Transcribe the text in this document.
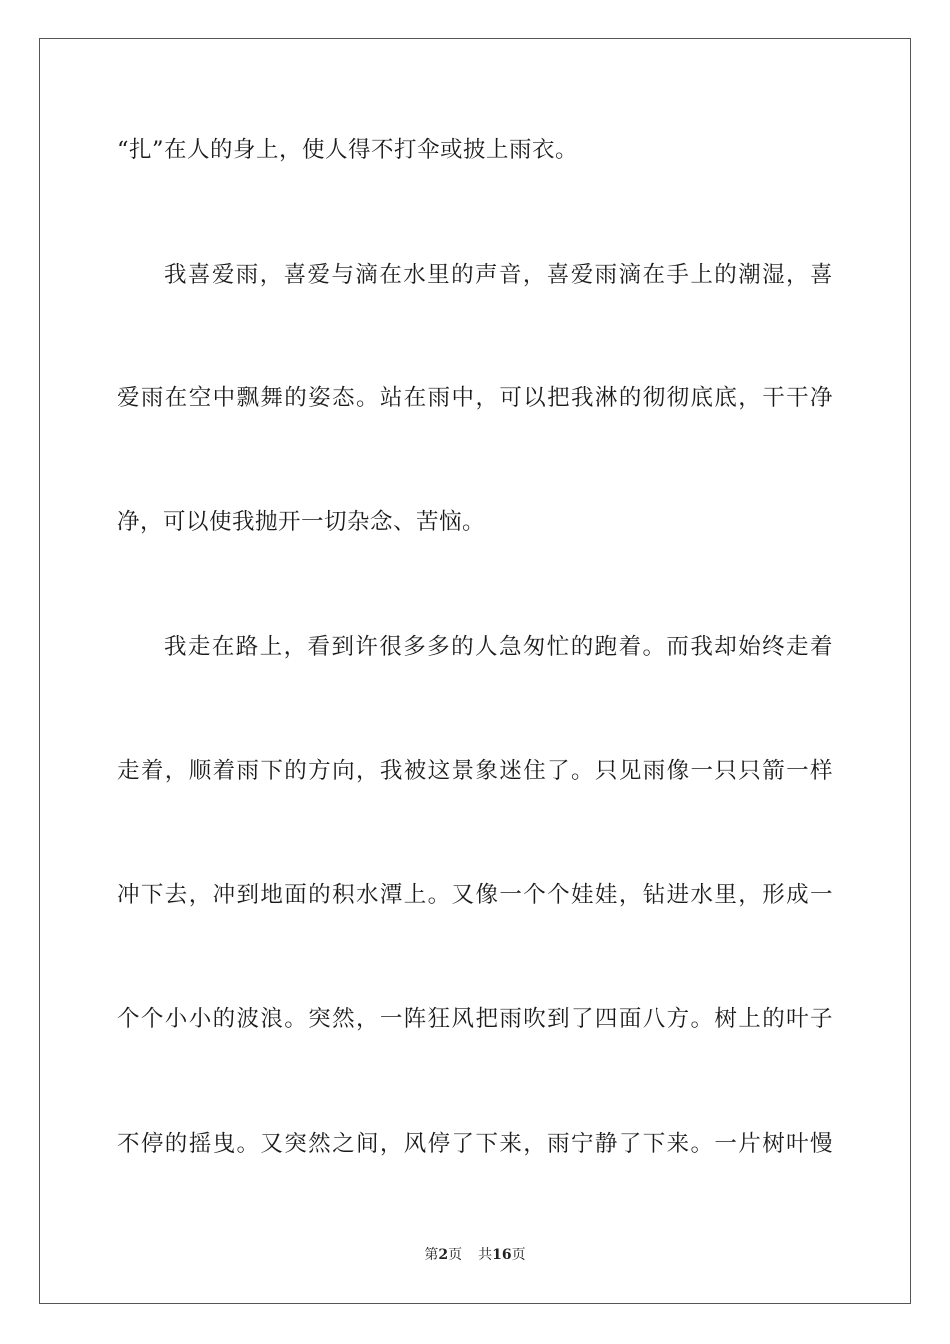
“扎”在人的身上，使人得不打伞或披上雨衣。
我喜爱雨，喜爱与滴在水里的声音，喜爱雨滴在手上的潮湿，喜
爱雨在空中飘舞的姿态。站在雨中，可以把我淋的彻彻底底，干干净
净，可以使我抛开一切杂念、苦恼。
我走在路上，看到许很多多的人急匆忙的跑着。而我却始终走着
走着，顺着雨下的方向，我被这景象迷住了。只见雨像一只只箭一样
冲下去，冲到地面的积水潭上。又像一个个娃娃，钻进水里，形成一
个个小小的波浪。突然，一阵狂风把雨吹到了四面八方。树上的叶子
不停的摇曳。又突然之间，风停了下来，雨宁静了下来。一片树叶慢
第2页 共16页
